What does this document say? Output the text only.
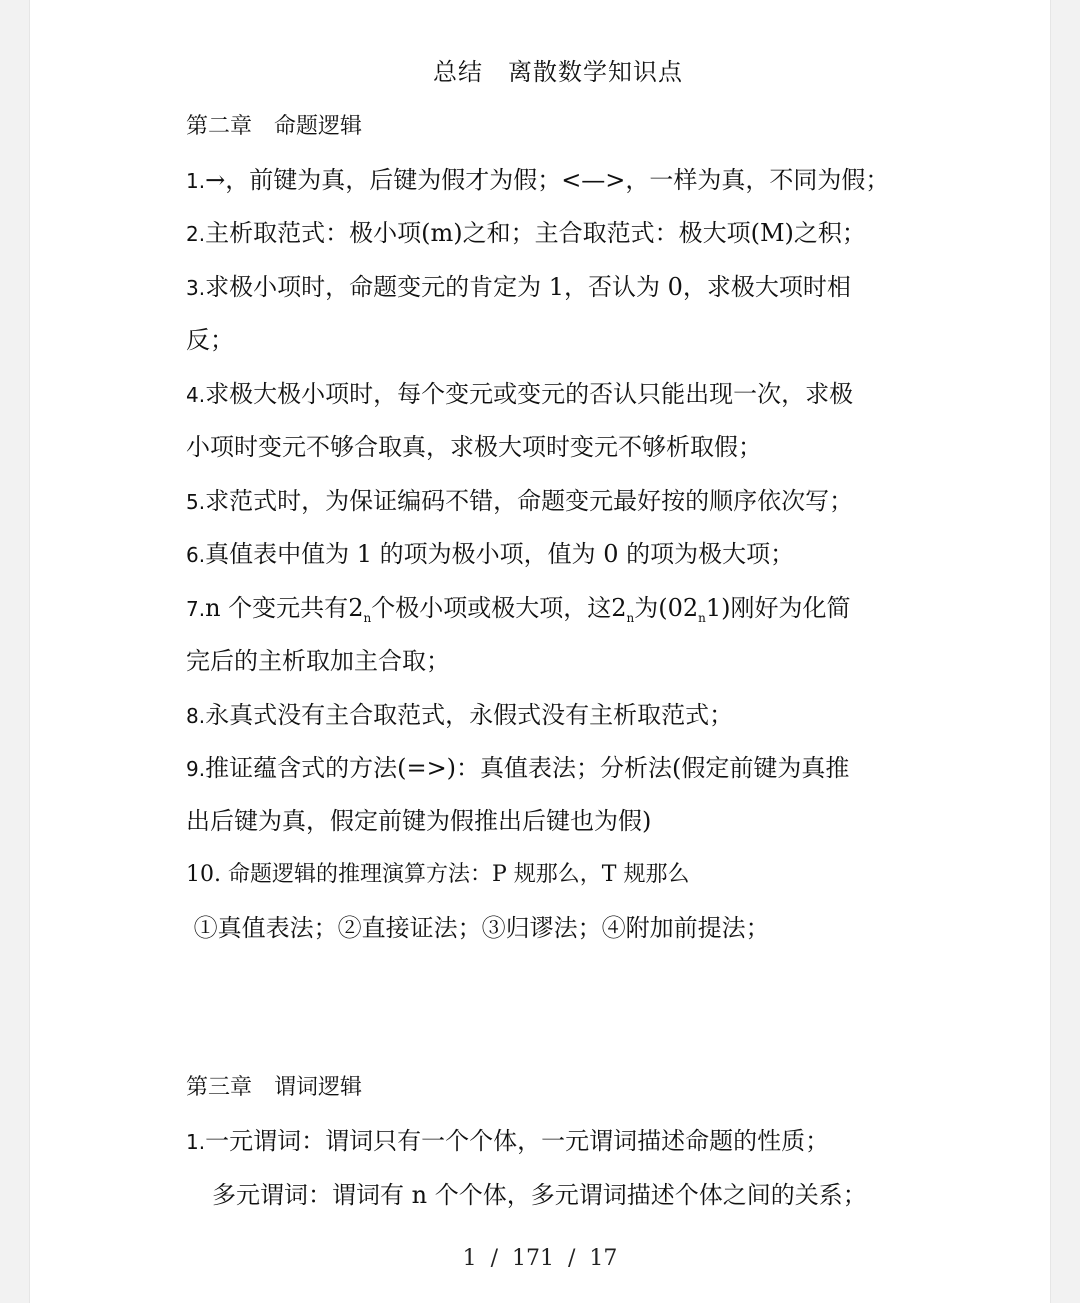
总结　离散数学知识点
第二章　命题逻辑
1.→，前键为真，后键为假才为假；<—>，一样为真，不同为假；
2.主析取范式：极小项(m)之和；主合取范式：极大项(M)之积；
3.求极小项时，命题变元的肯定为 1，否认为 0，求极大项时相
反；
4.求极大极小项时，每个变元或变元的否认只能出现一次，求极
小项时变元不够合取真，求极大项时变元不够析取假；
5.求范式时，为保证编码不错，命题变元最好按的顺序依次写；
6.真值表中值为 1 的项为极小项，值为 0 的项为极大项；
7.n 个变元共有$2_n$个极小项或极大项，这$2_n$为$(02_n1)$刚好为化简
完后的主析取加主合取；
8.永真式没有主合取范式，永假式没有主析取范式；
9.推证蕴含式的方法(=>)：真值表法；分析法(假定前键为真推
出后键为真，假定前键为假推出后键也为假)
10. 命题逻辑的推理演算方法：P 规那么，T 规那么
①真值表法；②直接证法；③归谬法；④附加前提法；
第三章　谓词逻辑
1.一元谓词：谓词只有一个个体，一元谓词描述命题的性质；
多元谓词：谓词有 n 个个体，多元谓词描述个体之间的关系；
1  /  171  /  17
